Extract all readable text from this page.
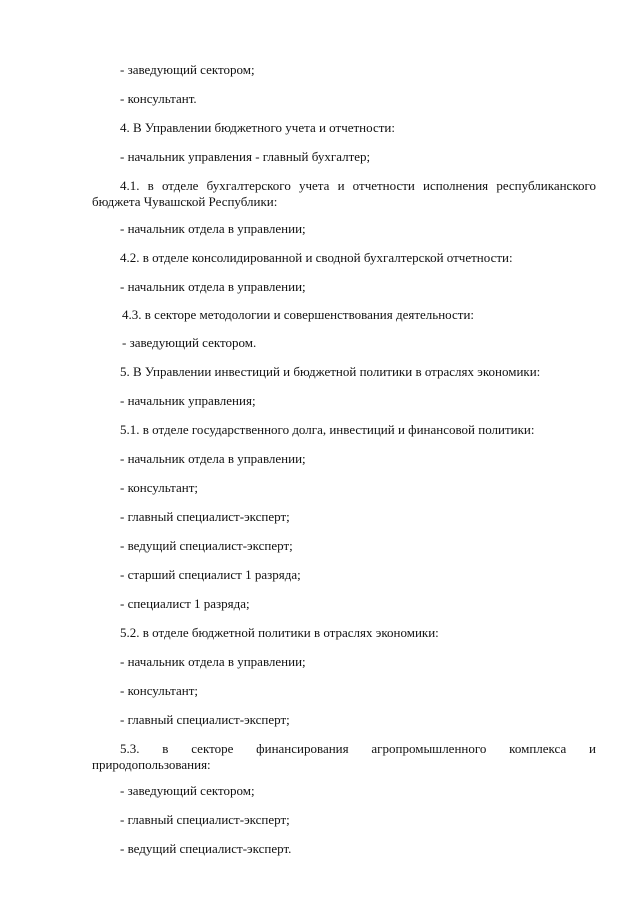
- заведующий сектором;
- консультант.
4. В Управлении бюджетного учета и отчетности:
- начальник управления - главный бухгалтер;
4.1. в отделе бухгалтерского учета и отчетности исполнения республиканского бюджета Чувашской Республики:
- начальник отдела в управлении;
4.2. в отделе консолидированной и сводной бухгалтерской отчетности:
- начальник отдела в управлении;
4.3. в секторе методологии и совершенствования деятельности:
- заведующий сектором.
5. В Управлении инвестиций и бюджетной политики в отраслях экономики:
- начальник управления;
5.1. в отделе государственного долга, инвестиций и финансовой политики:
- начальник отдела в управлении;
- консультант;
- главный специалист-эксперт;
- ведущий специалист-эксперт;
- старший специалист 1 разряда;
- специалист 1 разряда;
5.2. в отделе бюджетной политики в отраслях экономики:
- начальник отдела в управлении;
- консультант;
- главный специалист-эксперт;
5.3. в секторе финансирования агропромышленного комплекса и природопользования:
- заведующий сектором;
- главный специалист-эксперт;
- ведущий специалист-эксперт.
